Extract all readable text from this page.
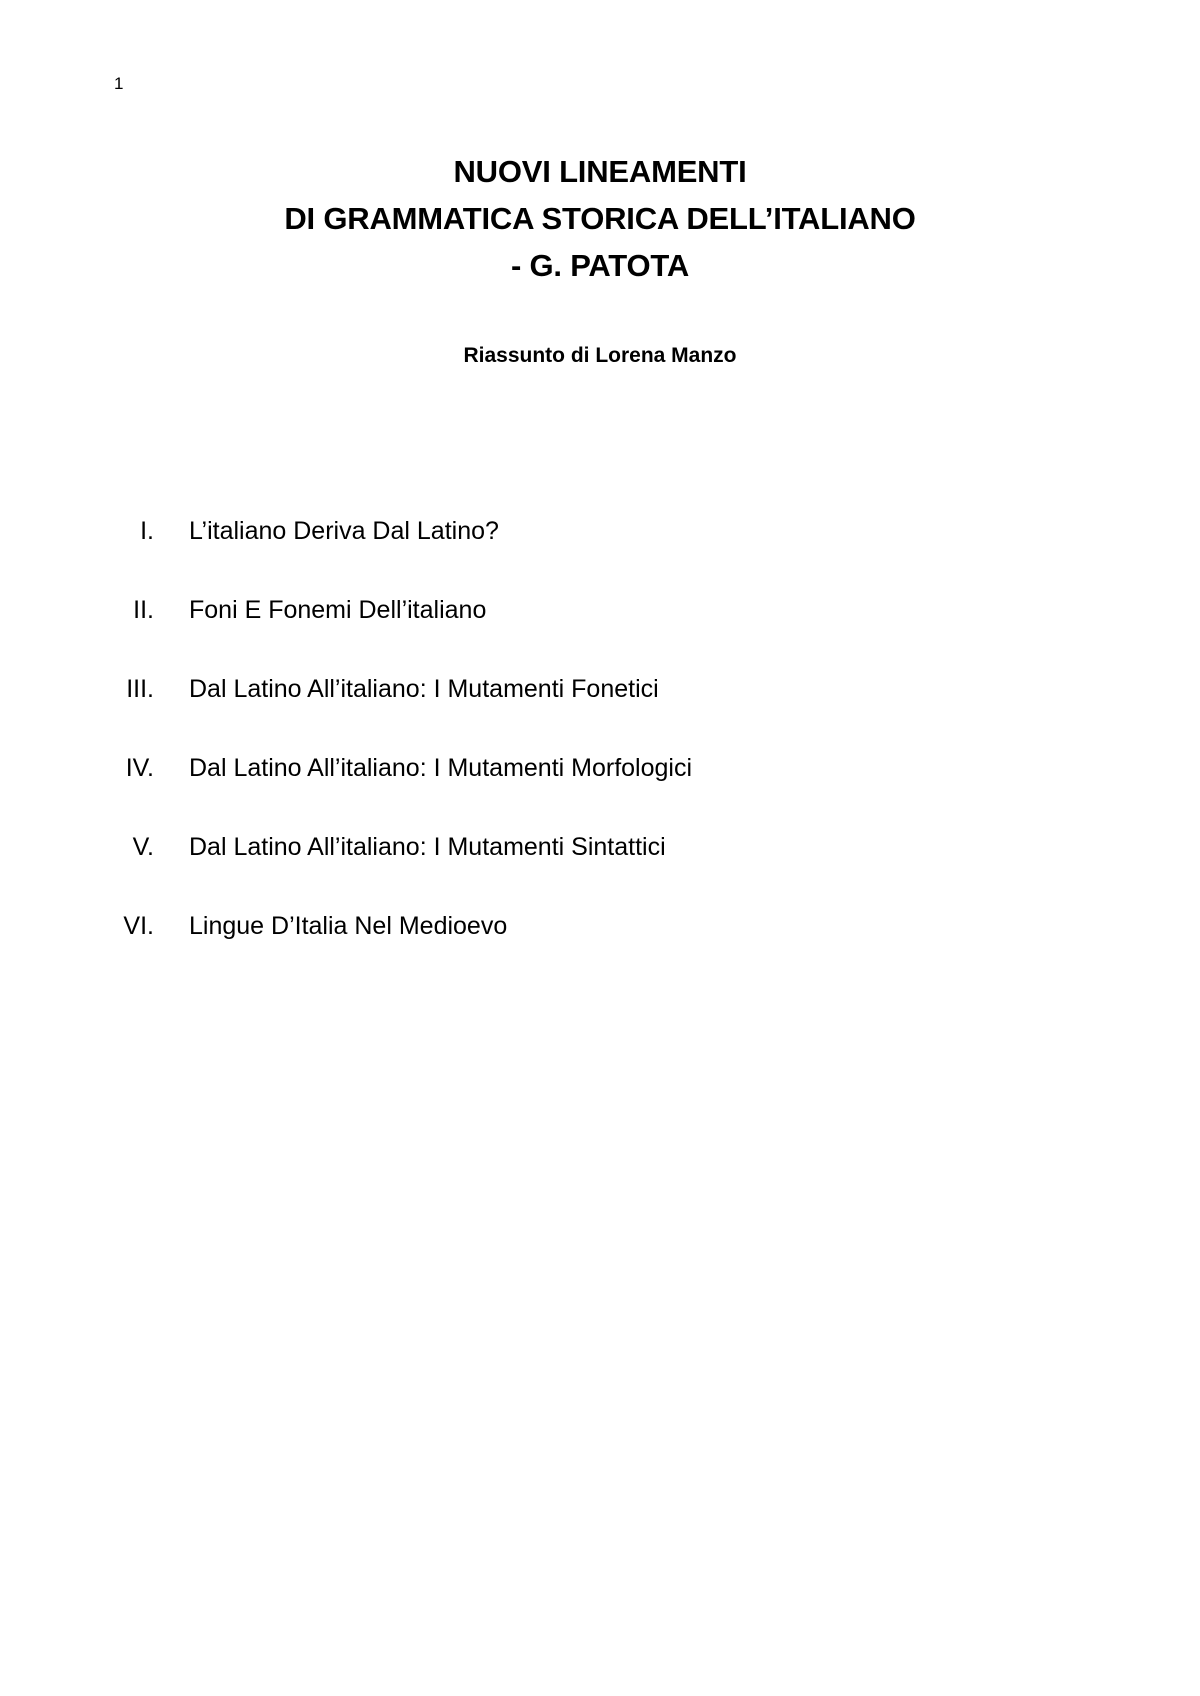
1
NUOVI LINEAMENTI
DI GRAMMATICA STORICA DELL’ITALIANO
- G. PATOTA
Riassunto di Lorena Manzo
I. L’italiano Deriva Dal Latino?
II. Foni E Fonemi Dell’italiano
III. Dal Latino All’italiano: I Mutamenti Fonetici
IV. Dal Latino All’italiano: I Mutamenti Morfologici
V. Dal Latino All’italiano: I Mutamenti Sintattici
VI. Lingue D’Italia Nel Medioevo
